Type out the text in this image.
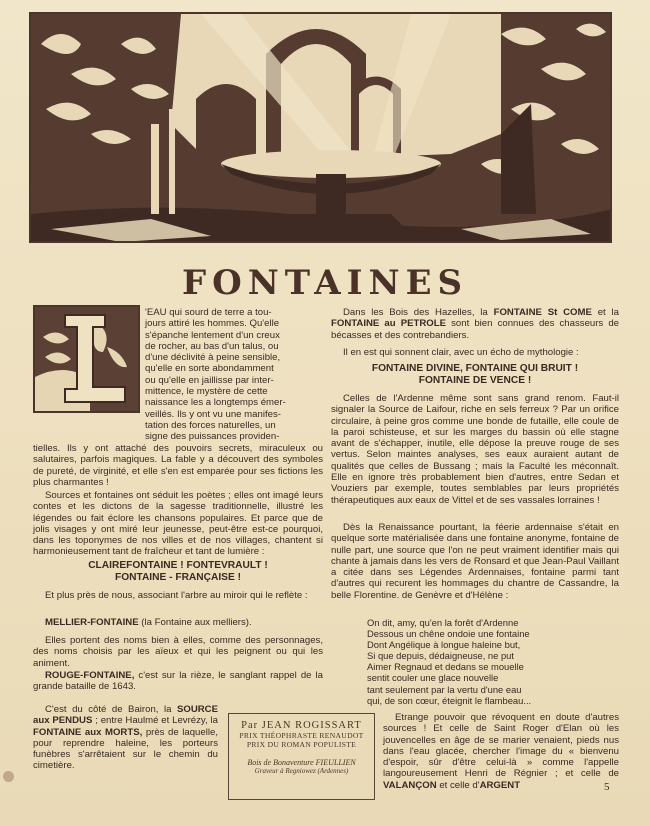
FONTAINES
'EAU qui sourd de terre a tou-
jours attiré les hommes. Qu'elle
s'épanche lentement d'un creux
de rocher, au bas d'un talus, ou
d'une déclivité à peine sensible,
qu'elle en sorte abondamment
ou qu'elle en jaillisse par inter-
mittence, le mystère de cette
naissance les a longtemps émer-
veillés. Ils y ont vu une manifes-
tation des forces naturelles, un
signe des puissances providen-
tielles. Ils y ont attaché des pouvoirs secrets, miraculeux ou salutaires, parfois magiques. La fable y a découvert des symboles de pureté, de virginité, et elle s'en est emparée pour ses fictions les plus charmantes !
Sources et fontaines ont séduit les poètes ; elles ont imagé leurs contes et les dictons de la sagesse traditionnelle, illustré les légendes ou fait éclore les chansons populaires. Et parce que de jolis visages y ont miré leur jeunesse, peut-être est-ce pourquoi, dans les toponymes de nos villes et de nos villages, chantent si harmonieusement tant de fraîcheur et tant de lumière :
CLAIREFONTAINE ! FONTEVRAULT !
FONTAINE - FRANÇAISE !
Et plus près de nous, associant l'arbre au miroir qui le reflète :
MELLIER-FONTAINE (la Fontaine aux melliers).
Elles portent des noms bien à elles, comme des personnages, des noms choisis par les aïeux et qui les peignent ou qui les animent.
ROUGE-FONTAINE, c'est sur la rièze, le sanglant rappel de la grande bataille de 1643.
C'est du côté de Bairon, la SOURCE aux PENDUS ; entre Haulmé et Levrézy, la FONTAINE aux MORTS, près de laquelle, pour reprendre haleine, les porteurs funèbres s'arrêtaient sur le chemin du cimetière.
Par JEAN ROGISSART
PRIX THÉOPHRASTE RENAUDOT
PRIX DU ROMAN POPULISTE
Bois de Bonaventure FIEULLIEN
Graveur à Regniowez (Ardennes)
Dans les Bois des Hazelles, la FONTAINE St COME et la FONTAINE au PETROLE sont bien connues des chasseurs de bécasses et des contrebandiers.
Il en est qui sonnent clair, avec un écho de mythologie :
FONTAINE DIVINE, FONTAINE QUI BRUIT !
FONTAINE DE VENCE !
Celles de l'Ardenne même sont sans grand renom. Faut-il signaler la Source de Laifour, riche en sels ferreux ? Par un orifice circulaire, à peine gros comme une bonde de futaille, elle coule de la paroi schisteuse, et sur les marges du bassin où elle stagne avant de s'échapper, inutile, elle dépose la preuve rouge de ses vertus. Selon maintes analyses, ses eaux auraient autant de qualités que celles de Bussang ; mais la Faculté les méconnaît. Elle en ignore très probablement bien d'autres, entre Sedan et Vouziers par exemple, toutes semblables par leurs propriétés thérapeutiques aux eaux de Vittel et de ses vassales lorraines !
Dès la Renaissance pourtant, la féerie ardennaise s'était en quelque sorte matérialisée dans une fontaine anonyme, fontaine de nulle part, une source que l'on ne peut vraiment identifier mais qui chante à jamais dans les vers de Ronsard et que Jean-Paul Vaillant a citée dans ses Légendes Ardennaises, fontaine parmi tant d'autres qui recurent les hommages du chantre de Cassandre, la belle Florentine. de Genèvre et d'Hélène :
On dit, amy, qu'en la forêt d'Ardenne
Dessous un chêne ondoie une fontaine
Dont Angélique à longue haleine but,
Si que depuis, dédaigneuse, ne put
Aimer Regnaud et dedans se mouelle
sentit couler une glace nouvelle
tant seulement par la vertu d'une eau
qui, de son cœur, éteignit le flambeau...
Etrange pouvoir que révoquent en doute d'autres sources ! Et celle de Saint Roger d'Elan où les jouvencelles en âge de se marier venaient, pieds nus dans l'eau glacée, chercher l'image du « bienvenu d'espoir, sûr d'être celui-là » comme l'appelle langoureusement Henri de Régnier ; et celle de VALANÇON et celle d'ARGENT	5
